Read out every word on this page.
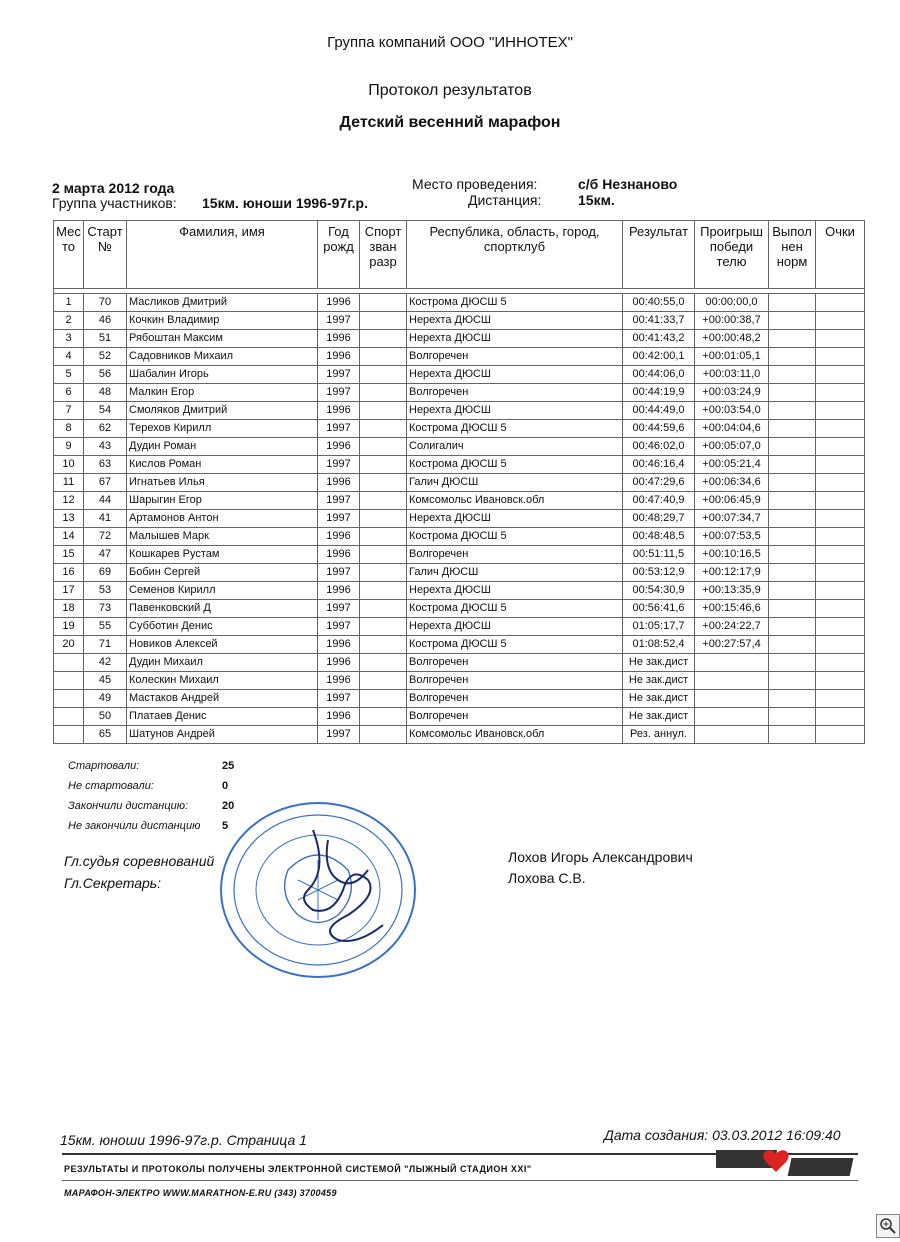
Группа компаний ООО "ИННОТЕХ"
Протокол результатов
Детский весенний марафон
2 марта 2012 года
Группа участников: 15км. юноши 1996-97г.р.
Место проведения:	с/б Незнаново
Дистанция:	15км.
Мес то	Старт №	Фамилия, имя	Год рожд	Спорт зван разр	Республика, область, город, спортклуб	Результат	Проигрыш победи телю	Выпол нен норм	Очки

1	70	Масликов Дмитрий	1996		Кострома ДЮСШ 5	00:40:55,0	00:00:00,0		
2	46	Кочкин Владимир	1997		Нерехта ДЮСШ	00:41:33,7	+00:00:38,7		
3	51	Рябоштан Максим	1996		Нерехта ДЮСШ	00:41:43,2	+00:00:48,2		
4	52	Садовников Михаил	1996		Волгоречен	00:42:00,1	+00:01:05,1		
5	56	Шабалин Игорь	1997		Нерехта ДЮСШ	00:44:06,0	+00:03:11,0		
6	48	Малкин Егор	1997		Волгоречен	00:44:19,9	+00:03:24,9		
7	54	Смоляков Дмитрий	1996		Нерехта ДЮСШ	00:44:49,0	+00:03:54,0		
8	62	Терехов Кирилл	1997		Кострома ДЮСШ 5	00:44:59,6	+00:04:04,6		
9	43	Дудин Роман	1996		Солигалич	00:46:02,0	+00:05:07,0		
10	63	Кислов Роман	1997		Кострома ДЮСШ 5	00:46:16,4	+00:05:21,4		
11	67	Игнатьев Илья	1996		Галич ДЮСШ	00:47:29,6	+00:06:34,6		
12	44	Шарыгин Егор	1997		Комсомольс Ивановск.обл	00:47:40,9	+00:06:45,9		
13	41	Артамонов Антон	1997		Нерехта ДЮСШ	00:48:29,7	+00:07:34,7		
14	72	Малышев Марк	1996		Кострома ДЮСШ 5	00:48:48,5	+00:07:53,5		
15	47	Кошкарев Рустам	1996		Волгоречен	00:51:11,5	+00:10:16,5		
16	69	Бобин Сергей	1997		Галич ДЮСШ	00:53:12,9	+00:12:17,9		
17	53	Семенов Кирилл	1996		Нерехта ДЮСШ	00:54:30,9	+00:13:35,9		
18	73	Павенковский Д	1997		Кострома ДЮСШ 5	00:56:41,6	+00:15:46,6		
19	55	Субботин Денис	1997		Нерехта ДЮСШ	01:05:17,7	+00:24:22,7		
20	71	Новиков Алексей	1996		Кострома ДЮСШ 5	01:08:52,4	+00:27:57,4		
	42	Дудин Михаил	1996		Волгоречен	Не зак.дист			
	45	Колескин Михаил	1996		Волгоречен	Не зак.дист			
	49	Мастаков Андрей	1997		Волгоречен	Не зак.дист			
	50	Платаев Денис	1996		Волгоречен	Не зак.дист			
	65	Шатунов Андрей	1997		Комсомольс Ивановск.обл	Рез. аннул.			
Стартовали:	25
Не стартовали:	0
Закончили дистанцию:	20
Не закончили дистанцию 5
Гл.судья соревнований	Лохов Игорь Александрович
Гл.Секретарь:	Лохова С.В.
15км. юноши 1996-97г.р. Страница 1	Дата создания: 03.03.2012 16:09:40
РЕЗУЛЬТАТЫ И ПРОТОКОЛЫ ПОЛУЧЕНЫ ЭЛЕКТРОННОЙ СИСТЕМОЙ "ЛЫЖНЫЙ СТАДИОН XXI"
МАРАФОН-ЭЛЕКТРО WWW.MARATHON-E.RU (343) 3700459
